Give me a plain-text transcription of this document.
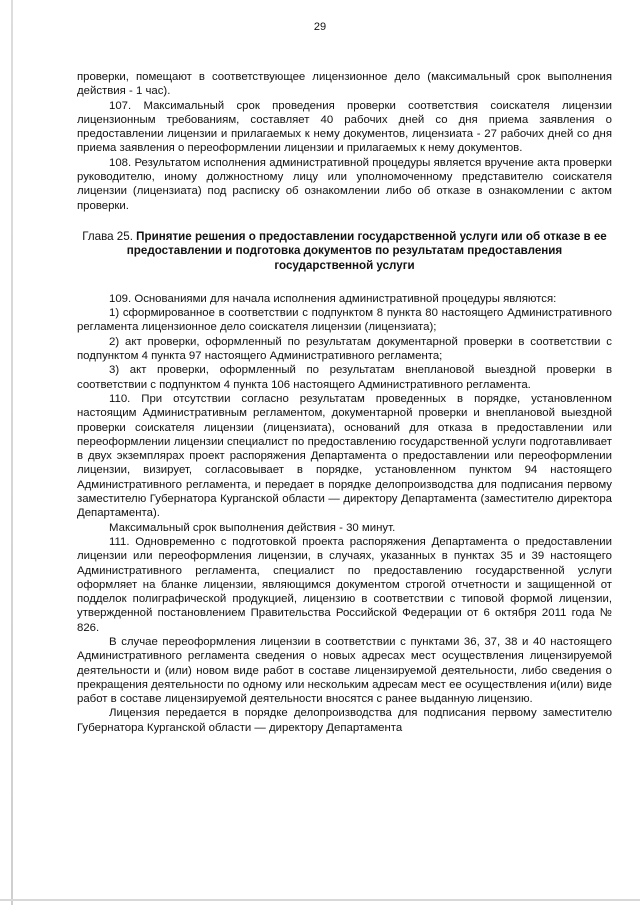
29

проверки, помещают в соответствующее лицензионное дело (максимальный срок выполнения действия - 1 час).

107. Максимальный срок проведения проверки соответствия соискателя лицензии лицензионным требованиям, составляет 40 рабочих дней со дня приема заявления о предоставлении лицензии и прилагаемых к нему документов, лицензиата - 27 рабочих дней со дня приема заявления о переоформлении лицензии и прилагаемых к нему документов.

108. Результатом исполнения административной процедуры является вручение акта проверки руководителю, иному должностному лицу или уполномоченному представителю соискателя лицензии (лицензиата) под расписку об ознакомлении либо об отказе в ознакомлении с актом проверки.

Глава 25. Принятие решения о предоставлении государственной услуги или об отказе в ее предоставлении и подготовка документов по результатам предоставления государственной услуги

109. Основаниями для начала исполнения административной процедуры являются:

1) сформированное в соответствии с подпунктом 8 пункта 80 настоящего Административного регламента лицензионное дело соискателя лицензии (лицензиата);

2) акт проверки, оформленный по результатам документарной проверки в соответствии с подпунктом 4 пункта 97 настоящего Административного регламента;

3) акт проверки, оформленный по результатам внеплановой выездной проверки в соответствии с подпунктом 4 пункта 106 настоящего Административного регламента.

110. При отсутствии согласно результатам проведенных в порядке, установленном настоящим Административным регламентом, документарной проверки и внеплановой выездной проверки соискателя лицензии (лицензиата), оснований для отказа в предоставлении или переоформлении лицензии специалист по предоставлению государственной услуги подготавливает в двух экземплярах проект распоряжения Департамента о предоставлении или переоформлении лицензии, визирует, согласовывает в порядке, установленном пунктом 94 настоящего Административного регламента, и передает в порядке делопроизводства для подписания первому заместителю Губернатора Курганской области — директору Департамента (заместителю директора Департамента).

Максимальный срок выполнения действия - 30 минут.

111. Одновременно с подготовкой проекта распоряжения Департамента о предоставлении лицензии или переоформления лицензии, в случаях, указанных в пунктах 35 и 39 настоящего Административного регламента, специалист по предоставлению государственной услуги оформляет на бланке лицензии, являющимся документом строгой отчетности и защищенной от подделок полиграфической продукцией, лицензию в соответствии с типовой формой лицензии, утвержденной постановлением Правительства Российской Федерации от 6 октября 2011 года № 826.

В случае переоформления лицензии в соответствии с пунктами 36, 37, 38 и 40 настоящего Административного регламента сведения о новых адресах мест осуществления лицензируемой деятельности и (или) новом виде работ в составе лицензируемой деятельности, либо сведения о прекращения деятельности по одному или нескольким адресам мест ее осуществления и(или) виде работ в составе лицензируемой деятельности вносятся с ранее выданную лицензию.

Лицензия передается в порядке делопроизводства для подписания первому заместителю Губернатора Курганской области — директору Департамента
